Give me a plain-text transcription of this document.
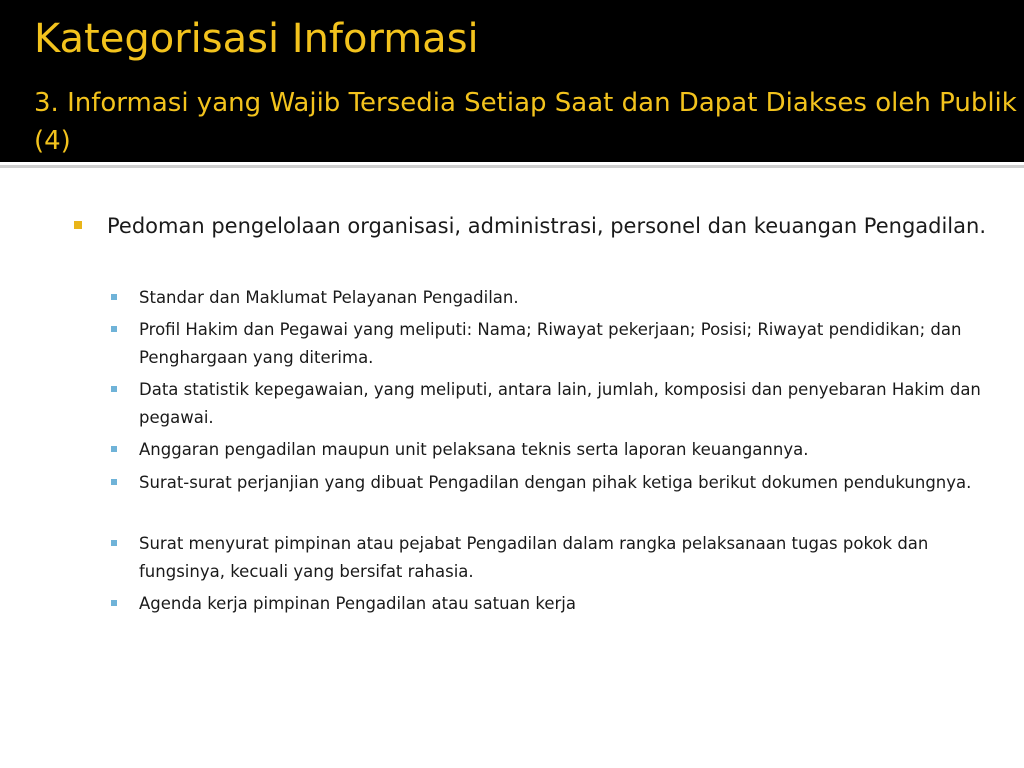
Kategorisasi Informasi
3. Informasi yang Wajib Tersedia Setiap Saat dan Dapat Diakses oleh Publik (4)
Pedoman pengelolaan organisasi, administrasi, personel dan keuangan Pengadilan.
Standar dan Maklumat Pelayanan Pengadilan.
Profil Hakim dan Pegawai yang meliputi: Nama; Riwayat pekerjaan; Posisi; Riwayat pendidikan; dan Penghargaan yang diterima.
Data statistik kepegawaian, yang meliputi, antara lain, jumlah, komposisi dan penyebaran Hakim dan pegawai.
Anggaran pengadilan maupun unit pelaksana teknis serta laporan keuangannya.
Surat-surat perjanjian yang dibuat Pengadilan dengan pihak ketiga berikut dokumen pendukungnya.
Surat menyurat pimpinan atau pejabat Pengadilan dalam rangka pelaksanaan tugas pokok dan fungsinya, kecuali yang bersifat rahasia.
Agenda kerja pimpinan Pengadilan atau satuan kerja
